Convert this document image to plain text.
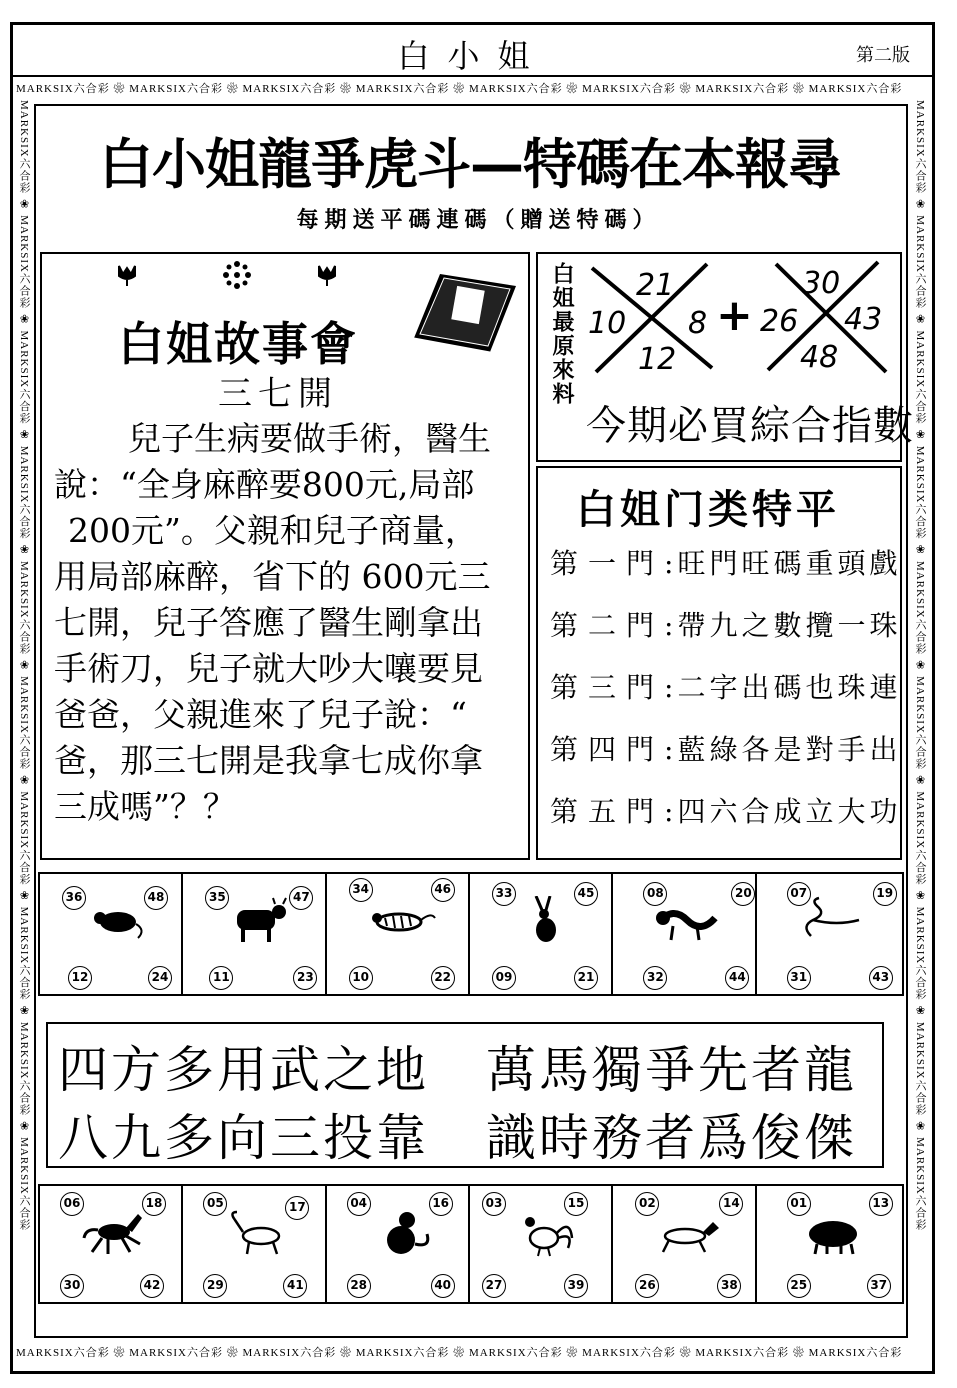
白小姐	第二版
MARKSIX六合彩 ❀ MARKSIX六合彩 ❀ MARKSIX六合彩 ❀ MARKSIX六合彩 ❀ MARKSIX六合彩 ❀ MARKSIX六合彩 ❀ MARKSIX六合彩 ❀ MARKSIX六合彩
MARKSIX六合彩 ❀ MARKSIX六合彩 ❀ MARKSIX六合彩 ❀ MARKSIX六合彩 ❀ MARKSIX六合彩 ❀ MARKSIX六合彩 ❀ MARKSIX六合彩 ❀ MARKSIX六合彩
MARKSIX六合彩 ❀ MARKSIX六合彩 ❀ MARKSIX六合彩 ❀ MARKSIX六合彩 ❀ MARKSIX六合彩 ❀ MARKSIX六合彩 ❀ MARKSIX六合彩 ❀ MARKSIX六合彩 ❀ MARKSIX六合彩 ❀ MARKSIX六合彩
MARKSIX六合彩 ❀ MARKSIX六合彩 ❀ MARKSIX六合彩 ❀ MARKSIX六合彩 ❀ MARKSIX六合彩 ❀ MARKSIX六合彩 ❀ MARKSIX六合彩 ❀ MARKSIX六合彩 ❀ MARKSIX六合彩 ❀ MARKSIX六合彩
白小姐龍爭虎斗—特碼在本報尋
每期送平碼連碼（贈送特碼）
白姐故事會
三七開
兒子生病要做手術，醫生
說：“全身麻醉要800元,局部
200元”。父親和兒子商量，
用局部麻醉，省下的 600元三
七開，兒子答應了醫生剛拿出
手術刀，兒子就大吵大嚷要見
爸爸，父親進來了兒子說：“
爸，那三七開是我拿七成你拿
三成嗎”？？
白姐最原來料 21
10 8
12
+
30
26 43
48
今期必買綜合指數
白姐门类特平
第一門:旺門旺碼重頭戲
第二門:帶九之數攬一珠
第三門:二字出碼也珠連
第四門:藍綠各是對手出
第五門:四六合成立大功
36	48
12	24
35	47
11	23
34	46
10	22
33	45
09	21
08	20
32	44
07	19
31	43
四方多用武之地 萬馬獨爭先者龍
八九多向三投靠 識時務者爲俊傑
06	18
30	42
05	17
29	41
04	16
28	40
03	15
27	39
02	14
26	38
01	13
25	37
